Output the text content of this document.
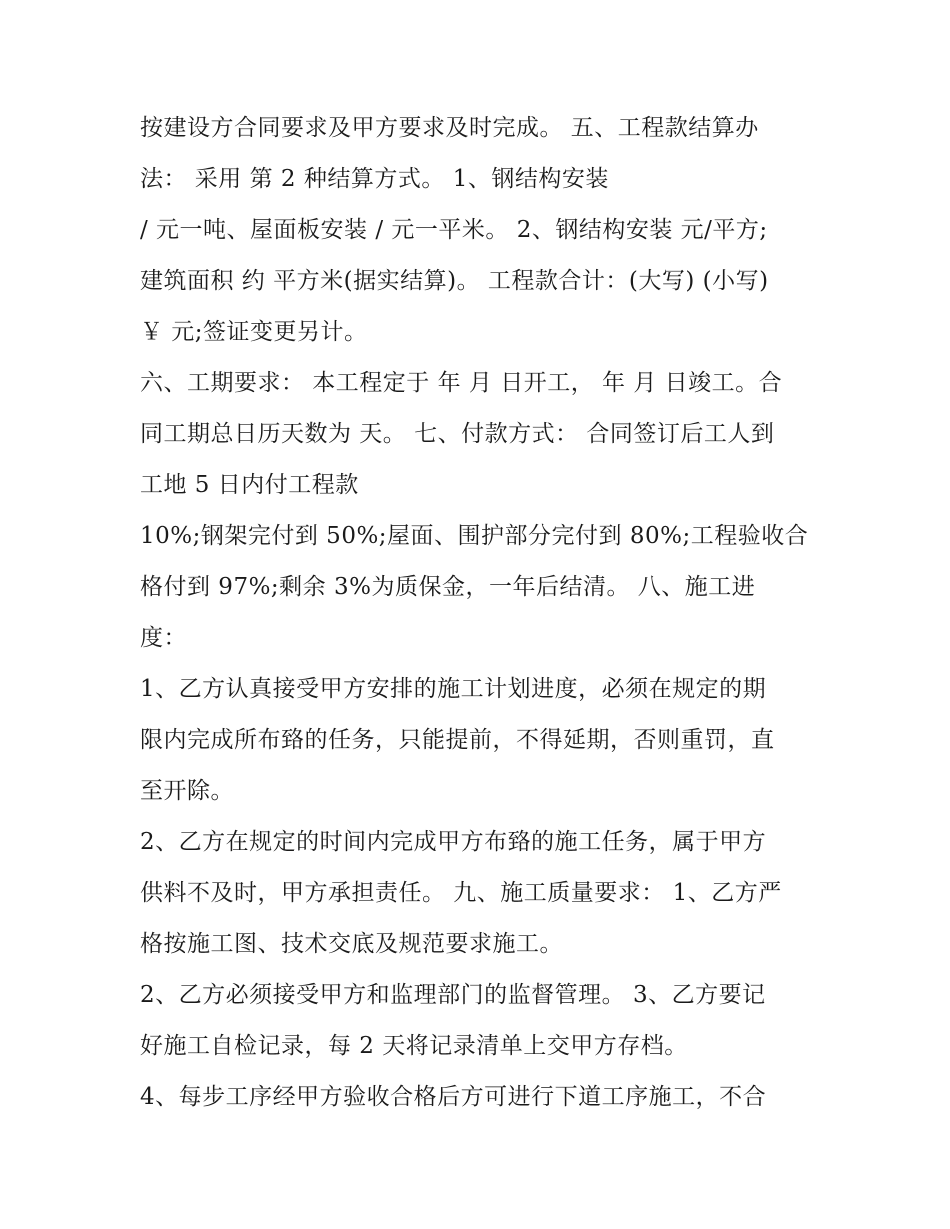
按建设方合同要求及甲方要求及时完成。 五、工程款结算办
法： 采用 第 2 种结算方式。 1、钢结构安装
/ 元一吨、屋面板安装 / 元一平米。 2、钢结构安装 元/平方;
建筑面积 约 平方米(据实结算)。 工程款合计：(大写) (小写)
￥ 元;签证变更另计。
六、工期要求： 本工程定于 年 月 日开工， 年 月 日竣工。合
同工期总日历天数为 天。 七、付款方式： 合同签订后工人到
工地 5 日内付工程款
10%;钢架完付到 50%;屋面、围护部分完付到 80%;工程验收合
格付到 97%;剩余 3%为质保金，一年后结清。 八、施工进
度：
1、乙方认真接受甲方安排的施工计划进度，必须在规定的期
限内完成所布臵的任务，只能提前，不得延期，否则重罚，直
至开除。
2、乙方在规定的时间内完成甲方布臵的施工任务，属于甲方
供料不及时，甲方承担责任。 九、施工质量要求： 1、乙方严
格按施工图、技术交底及规范要求施工。
2、乙方必须接受甲方和监理部门的监督管理。 3、乙方要记
好施工自检记录，每 2 天将记录清单上交甲方存档。
4、每步工序经甲方验收合格后方可进行下道工序施工，不合
